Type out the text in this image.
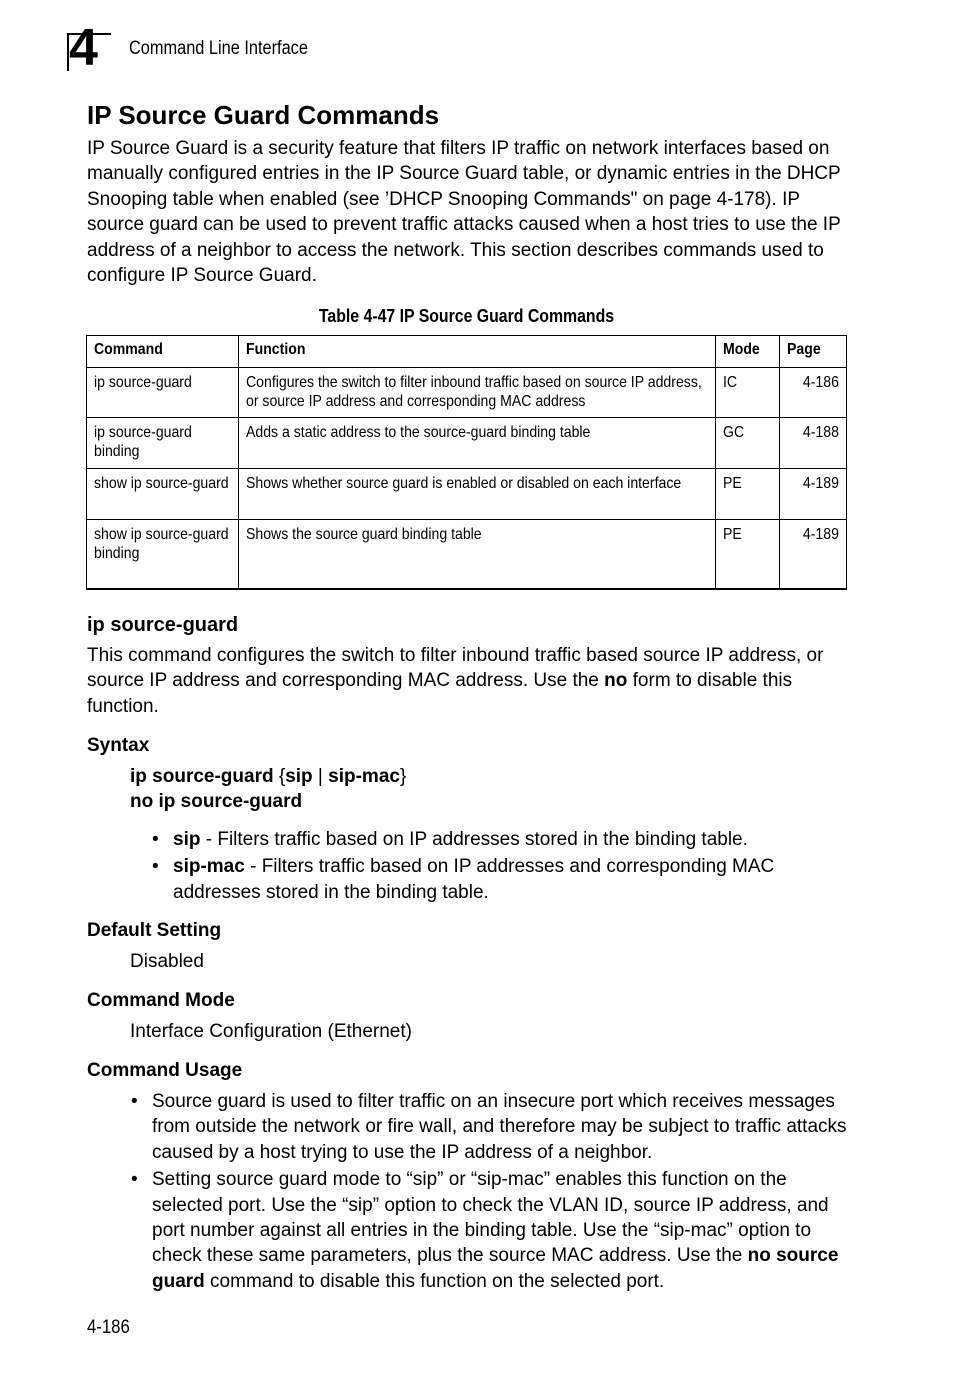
4 Command Line Interface
IP Source Guard Commands

IP Source Guard is a security feature that filters IP traffic on network interfaces based on manually configured entries in the IP Source Guard table, or dynamic entries in the DHCP Snooping table when enabled (see ’DHCP Snooping Commands" on page 4-178). IP source guard can be used to prevent traffic attacks caused when a host tries to use the IP address of a neighbor to access the network. This section describes commands used to configure IP Source Guard.

Table 4-47 IP Source Guard Commands
Command	Function	Mode	Page
ip source-guard	Configures the switch to filter inbound traffic based on source IP address, or source IP address and corresponding MAC address	IC	4-186
ip source-guard binding	Adds a static address to the source-guard binding table	GC	4-188
show ip source-guard	Shows whether source guard is enabled or disabled on each interface	PE	4-189
show ip source-guard binding	Shows the source guard binding table	PE	4-189
ip source-guard

This command configures the switch to filter inbound traffic based source IP address, or source IP address and corresponding MAC address. Use the no form to disable this function.

Syntax
ip source-guard {sip | sip-mac}
no ip source-guard
• sip - Filters traffic based on IP addresses stored in the binding table.
• sip-mac - Filters traffic based on IP addresses and corresponding MAC addresses stored in the binding table.
Default Setting
Disabled
Command Mode
Interface Configuration (Ethernet)
Command Usage
• Source guard is used to filter traffic on an insecure port which receives messages from outside the network or fire wall, and therefore may be subject to traffic attacks caused by a host trying to use the IP address of a neighbor.
• Setting source guard mode to “sip” or “sip-mac” enables this function on the selected port. Use the “sip” option to check the VLAN ID, source IP address, and port number against all entries in the binding table. Use the “sip-mac” option to check these same parameters, plus the source MAC address. Use the no source guard command to disable this function on the selected port.
4-186
